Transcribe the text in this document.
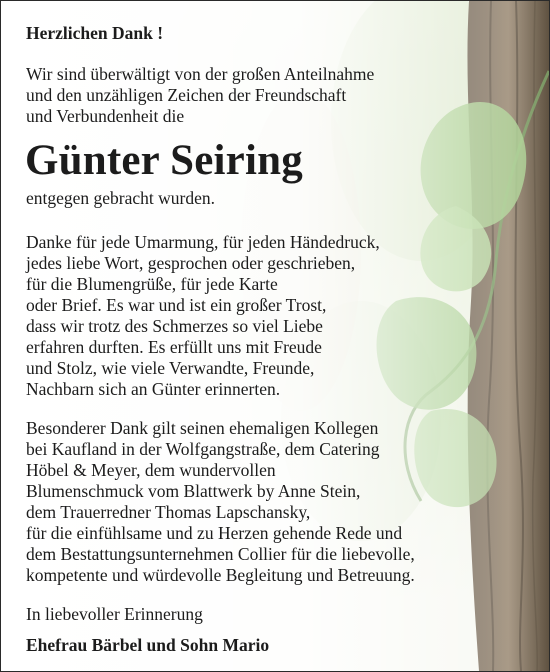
Herzlichen Dank !
Wir sind überwältigt von der großen Anteilnahme
und den unzähligen Zeichen der Freundschaft
und Verbundenheit die
Günter Seiring
entgegen gebracht wurden.
Danke für jede Umarmung, für jeden Händedruck,
jedes liebe Wort, gesprochen oder geschrieben,
für die Blumengrüße, für jede Karte
oder Brief. Es war und ist ein großer Trost,
dass wir trotz des Schmerzes so viel Liebe
erfahren durften. Es erfüllt uns mit Freude
und Stolz, wie viele Verwandte, Freunde,
Nachbarn sich an Günter erinnerten.
Besonderer Dank gilt seinen ehemaligen Kollegen
bei Kaufland in der Wolfgangstraße, dem Catering
Höbel & Meyer, dem wundervollen
Blumenschmuck vom Blattwerk by Anne Stein,
dem Trauerredner Thomas Lapschansky,
für die einfühlsame und zu Herzen gehende Rede und
dem Bestattungsunternehmen Collier für die liebevolle,
kompetente und würdevolle Begleitung und Betreuung.
In liebevoller Erinnerung
Ehefrau Bärbel und Sohn Mario
